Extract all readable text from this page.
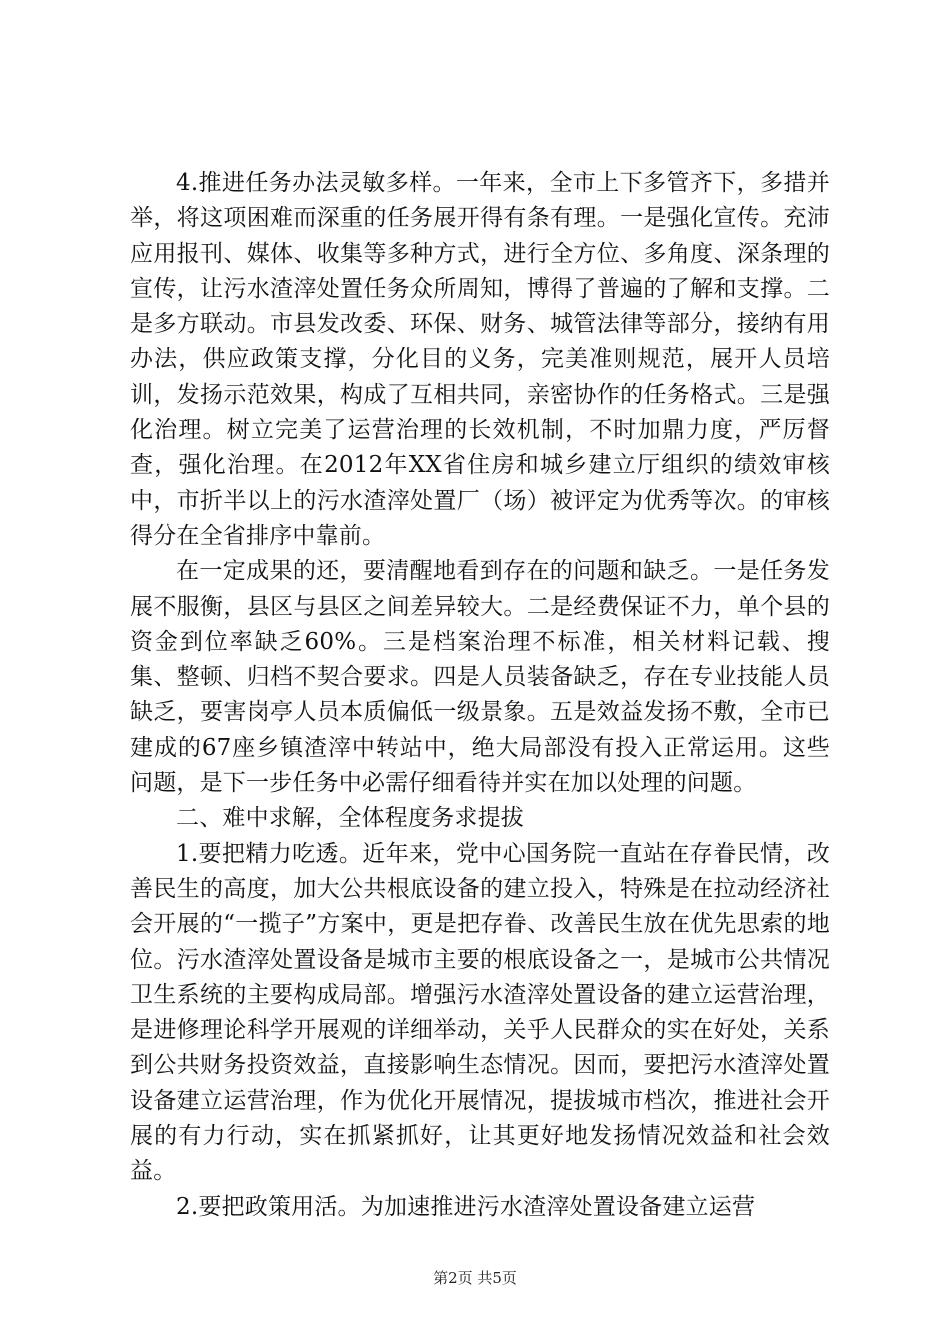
4.推进任务办法灵敏多样。一年来，全市上下多管齐下，多措并举，将这项困难而深重的任务展开得有条有理。一是强化宣传。充沛应用报刊、媒体、收集等多种方式，进行全方位、多角度、深条理的宣传，让污水渣滓处置任务众所周知，博得了普遍的了解和支撑。二是多方联动。市县发改委、环保、财务、城管法律等部分，接纳有用办法，供应政策支撑，分化目的义务，完美准则规范，展开人员培训，发扬示范效果，构成了互相共同，亲密协作的任务格式。三是强化治理。树立完美了运营治理的长效机制，不时加鼎力度，严厉督查，强化治理。在2012年XX省住房和城乡建立厅组织的绩效审核中，市折半以上的污水渣滓处置厂（场）被评定为优秀等次。的审核得分在全省排序中靠前。

在一定成果的还，要清醒地看到存在的问题和缺乏。一是任务发展不服衡，县区与县区之间差异较大。二是经费保证不力，单个县的资金到位率缺乏60%。三是档案治理不标准，相关材料记载、搜集、整顿、归档不契合要求。四是人员装备缺乏，存在专业技能人员缺乏，要害岗亭人员本质偏低一级景象。五是效益发扬不敷，全市已建成的67座乡镇渣滓中转站中，绝大局部没有投入正常运用。这些问题，是下一步任务中必需仔细看待并实在加以处理的问题。

二、难中求解，全体程度务求提拔

1.要把精力吃透。近年来，党中心国务院一直站在存眷民情，改善民生的高度，加大公共根底设备的建立投入，特殊是在拉动经济社会开展的“一揽子”方案中，更是把存眷、改善民生放在优先思索的地位。污水渣滓处置设备是城市主要的根底设备之一，是城市公共情况卫生系统的主要构成局部。增强污水渣滓处置设备的建立运营治理，是进修理论科学开展观的详细举动，关乎人民群众的实在好处，关系到公共财务投资效益，直接影响生态情况。因而，要把污水渣滓处置设备建立运营治理，作为优化开展情况，提拔城市档次，推进社会开展的有力行动，实在抓紧抓好，让其更好地发扬情况效益和社会效益。

2.要把政策用活。为加速推进污水渣滓处置设备建立运营

第2页 共5页
